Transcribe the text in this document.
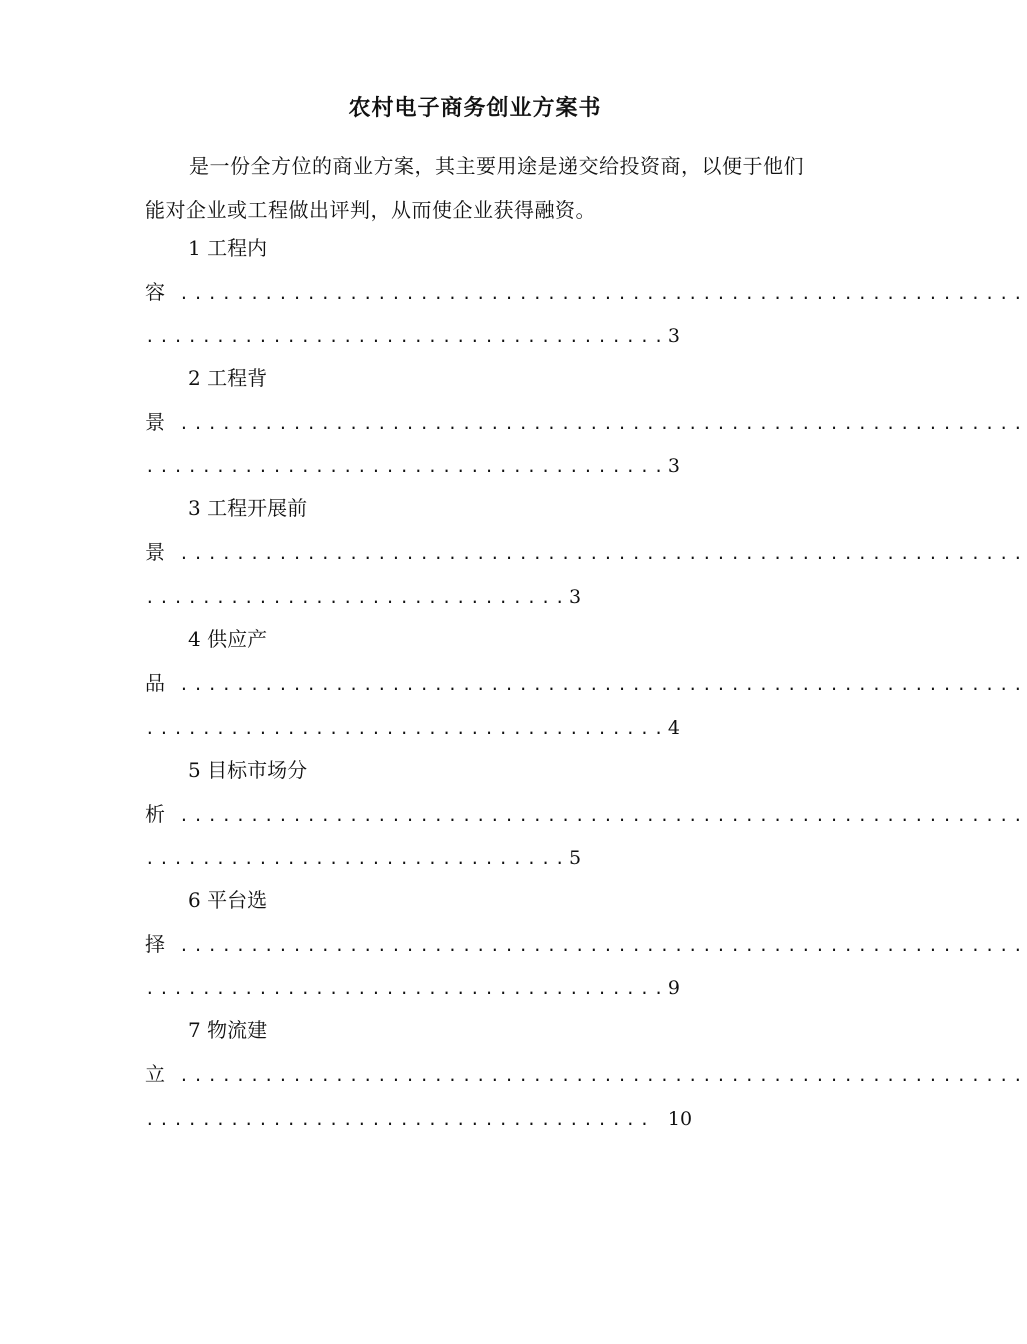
农村电子商务创业方案书
是一份全方位的商业方案，其主要用途是递交给投资商，以便于他们能对企业或工程做出评判，从而使企业获得融资。
1 工程内
容 ............................................................
.....................................3
2 工程背
景 ............................................................
.....................................3
3 工程开展前
景 ............................................................
..............................3
4 供应产
品 ............................................................
.....................................4
5 目标市场分
析 ............................................................
..............................5
6 平台选
择 ............................................................
.....................................9
7 物流建
立 ............................................................
.................................... 10
